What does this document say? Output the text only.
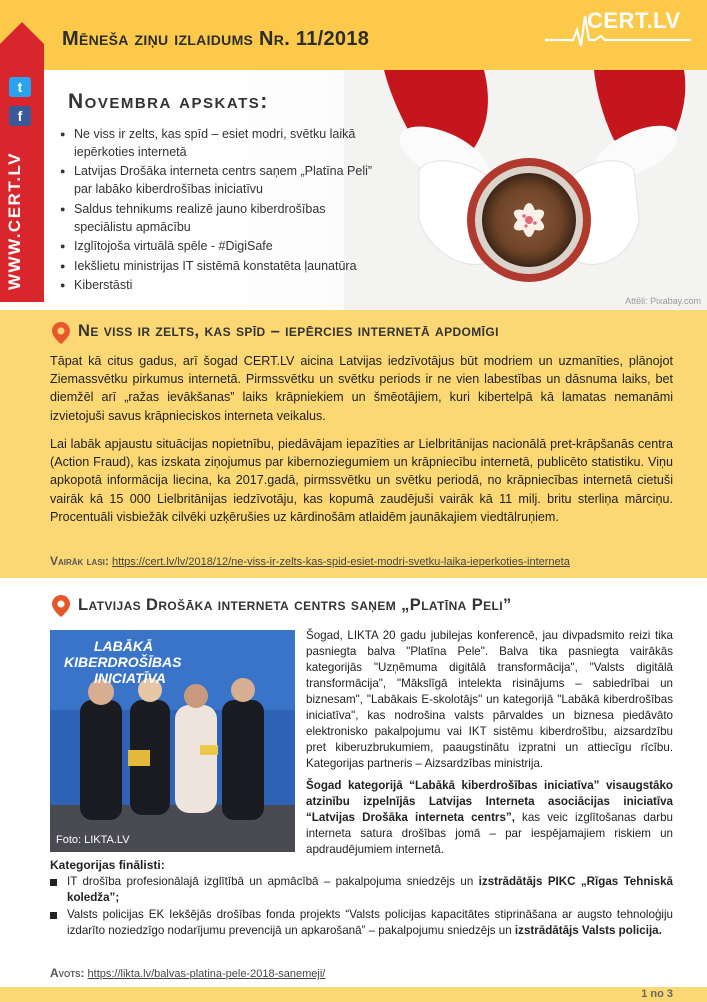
Mēneša ziņu izlaidums Nr. 11/2018
CERT.LV
t
f
WWW.CERT.LV
Novembra apskats:
● Ne viss ir zelts, kas spīd – esiet modri, svētku laikā iepērkoties internetā
● Latvijas Drošāka interneta centrs saņem „Platīna Peli” par labāko kiberdrošības iniciatīvu
● Saldus tehnikums realizē jauno kiberdrošības speciālistu apmācību
● Izglītojoša virtuālā spēle - #DigiSafe
● Iekšlietu ministrijas IT sistēmā konstatēta ļaunatūra
● Kiberstāsti
Attēli: Pixabay.com
Ne viss ir zelts, kas spīd – iepērcies internetā apdomīgi

Tāpat kā citus gadus, arī šogad CERT.LV aicina Latvijas iedzīvotājus būt modriem un uzmanīties, plānojot Ziemassvētku pirkumus internetā. Pirmssvētku un svētku periods ir ne vien labestības un dāsnuma laiks, bet diemžēl arī „ražas ievākšanas” laiks krāpniekiem un šmēotājiem, kuri kibertelpā kā lamatas nemanāmi izvietojuši savus krāpnieciskos interneta veikalus.

Lai labāk apjaustu situācijas nopietnību, piedāvājam iepazīties ar Lielbritānijas nacionālā pret-krāpšanās centra (Action Fraud), kas izskata ziņojumus par kibernoziegumiem un krāpniecību internetā, publicēto statistiku. Viņu apkopotā informācija liecina, ka 2017.gadā, pirmssvētku un svētku periodā, no krāpniecības internetā cietuši vairāk kā 15 000 Lielbritānijas iedzīvotāju, kas kopumā zaudējuši vairāk kā 11 milj. britu sterliņa mārciņu. Procentuāli visbiežāk cilvēki uzķērušies uz kārdinošām atlaidēm jaunākajiem viedtālruņiem.

Vairāk lasi: https://cert.lv/lv/2018/12/ne-viss-ir-zelts-kas-spid-esiet-modri-svetku-laika-ieperkoties-interneta
Latvijas Drošāka interneta centrs saņem „Platīna Peli”
LABĀKĀ
KIBERDROŠĪBAS
INICIATĪVA
Foto: LIKTA.LV

Šogad, LIKTA 20 gadu jubilejas konferencē, jau divpadsmito reizi tika pasniegta balva "Platīna Pele". Balva tika pasniegta vairākās kategorijās "Uzņēmuma digitālā transformācija", "Valsts digitālā transformācija", "Mākslīgā intelekta risinājums – sabiedrībai un biznesam", "Labākais E-skolotājs" un kategorijā "Labākā kiberdrošības iniciatīva", kas nodrošina valsts pārvaldes un biznesa piedāvāto elektronisko pakalpojumu vai IKT sistēmu kiberdrošību, aizsardzību pret kiberuzbrukumiem, paaugstinātu izpratni un attiecīgu rīcību. Kategorijas partneris – Aizsardzības ministrija.

Šogad kategorijā “Labākā kiberdrošības iniciatīva” visaugstāko atzinību izpelnījās Latvijas Interneta asociācijas iniciatīva “Latvijas Drošāka interneta centrs”, kas veic izglītošanas darbu interneta satura drošības jomā – par iespējamajiem riskiem un apdraudējumiem internetā.

Kategorijas finālisti:
IT drošība profesionālajā izglītībā un apmācībā – pakalpojuma sniedzējs un izstrādātājs PIKC „Rīgas Tehniskā koledža”;
Valsts policijas EK Iekšējās drošības fonda projekts “Valsts policijas kapacitātes stiprināšana ar augsto tehnoloģiju izdarīto noziedzīgo nodarījumu prevencijā un apkarošanā” – pakalpojumu sniedzējs un izstrādātājs Valsts policija.
Avots: https://likta.lv/balvas-platina-pele-2018-sanemeji/
1 no 3
